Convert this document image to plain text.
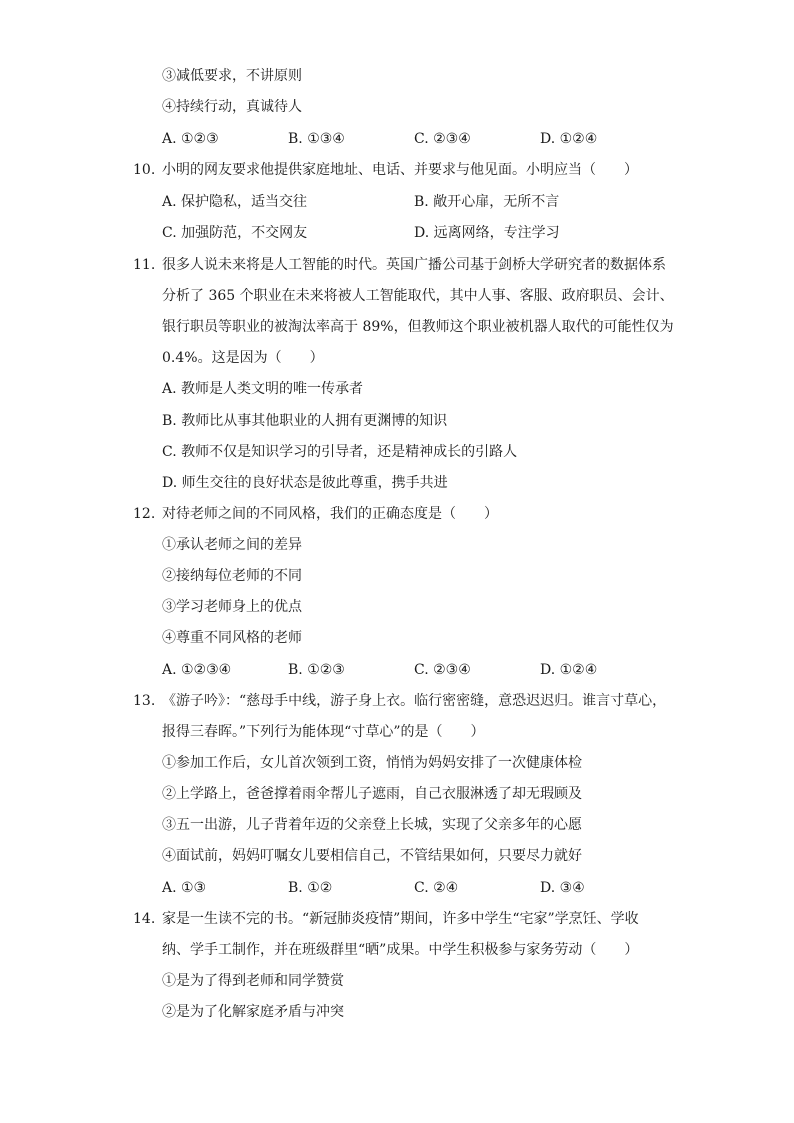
③减低要求，不讲原则
④持续行动，真诚待人
A. ①②③	B. ①③④	C. ②③④	D. ①②④
10. 小明的网友要求他提供家庭地址、电话、并要求与他见面。小明应当（　　）
A. 保护隐私，适当交往	B. 敞开心扉，无所不言
C. 加强防范，不交网友	D. 远离网络，专注学习
11. 很多人说未来将是人工智能的时代。英国广播公司基于剑桥大学研究者的数据体系
分析了 365 个职业在未来将被人工智能取代，其中人事、客服、政府职员、会计、
银行职员等职业的被淘汰率高于 89%，但教师这个职业被机器人取代的可能性仅为
0.4%。这是因为（　　）
A. 教师是人类文明的唯一传承者
B. 教师比从事其他职业的人拥有更渊博的知识
C. 教师不仅是知识学习的引导者，还是精神成长的引路人
D. 师生交往的良好状态是彼此尊重，携手共进
12. 对待老师之间的不同风格，我们的正确态度是（　　）
①承认老师之间的差异
②接纳每位老师的不同
③学习老师身上的优点
④尊重不同风格的老师
A. ①②③④	B. ①②③	C. ②③④	D. ①②④
13. 《游子吟》：“慈母手中线，游子身上衣。临行密密缝，意恐迟迟归。谁言寸草心，
报得三春晖。”下列行为能体现“寸草心”的是（　　）
①参加工作后，女儿首次领到工资，悄悄为妈妈安排了一次健康体检
②上学路上，爸爸撑着雨伞帮儿子遮雨，自己衣服淋透了却无瑕顾及
③五一出游，儿子背着年迈的父亲登上长城，实现了父亲多年的心愿
④面试前，妈妈叮嘱女儿要相信自己，不管结果如何，只要尽力就好
A. ①③	B. ①②	C. ②④	D. ③④
14. 家是一生读不完的书。“新冠肺炎疫情”期间，许多中学生“宅家”学烹饪、学收
纳、学手工制作，并在班级群里“晒”成果。中学生积极参与家务劳动（　　）
①是为了得到老师和同学赞赏
②是为了化解家庭矛盾与冲突
